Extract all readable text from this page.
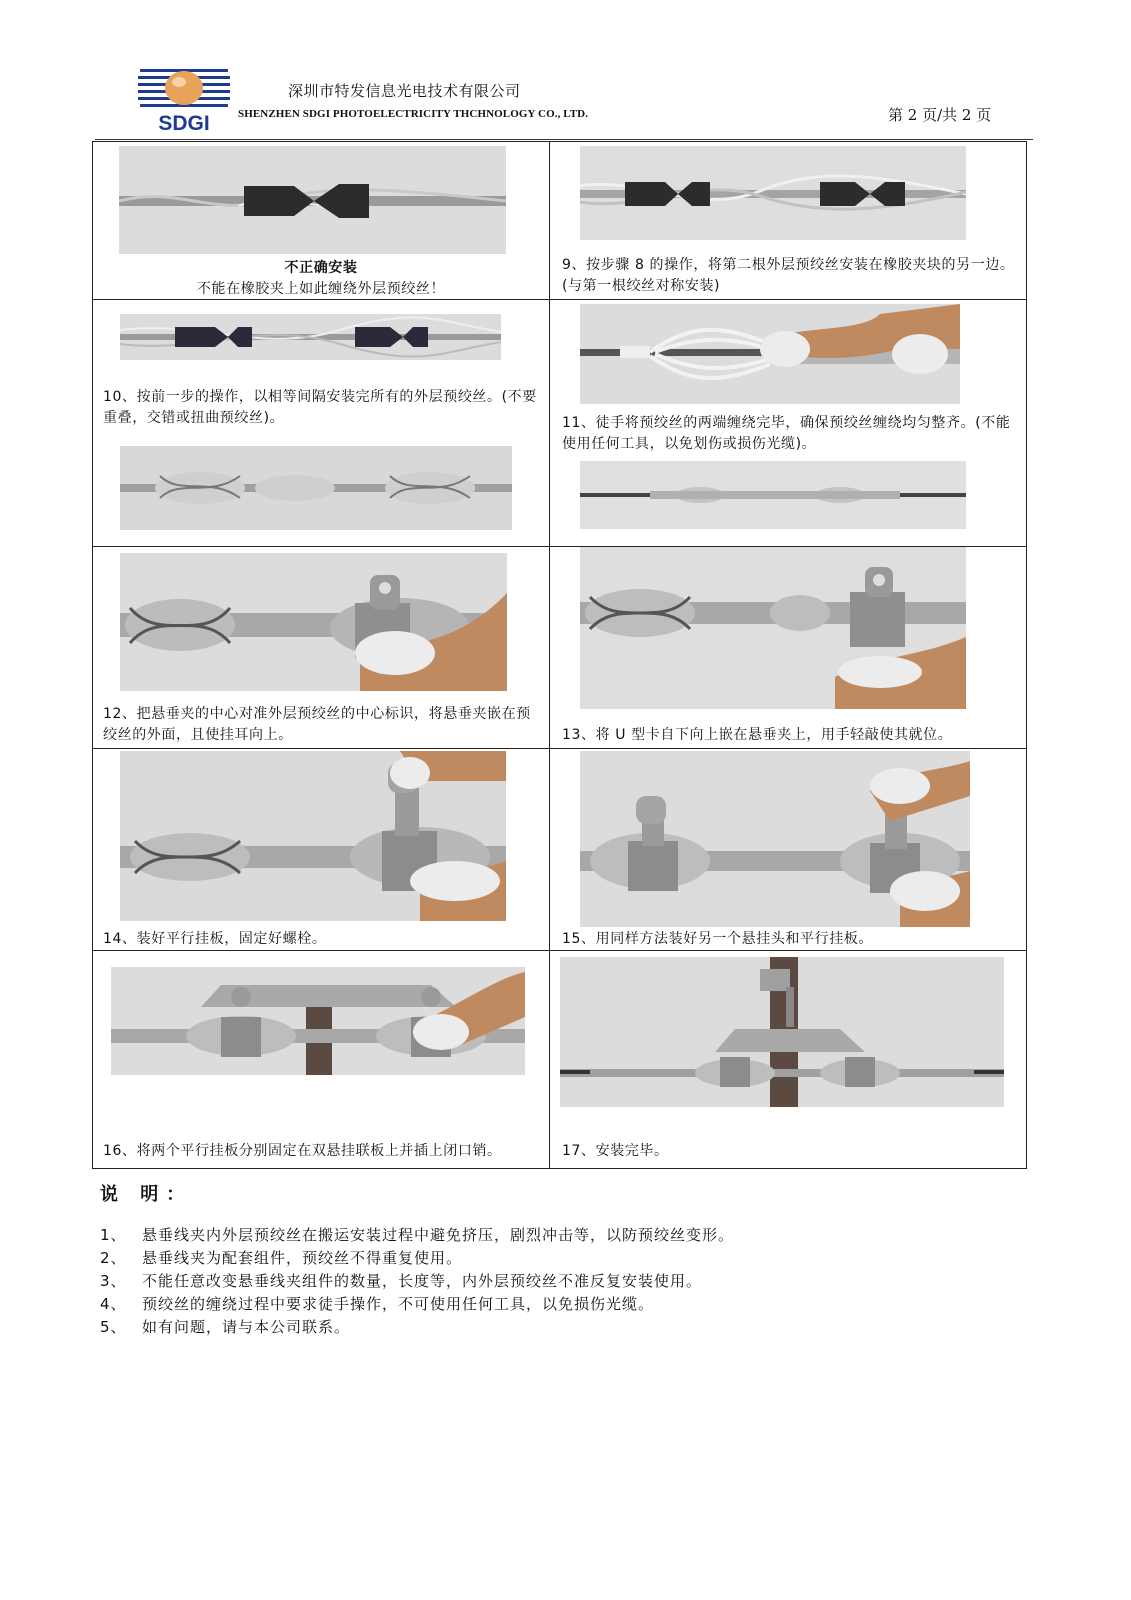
SDGI
深圳市特发信息光电技术有限公司
SHENZHEN SDGI PHOTOELECTRICITY THCHNOLOGY CO., LTD.	第 2 页/共 2 页
不正确安装
不能在橡胶夹上如此缠绕外层预绞丝！	9、按步骤 8 的操作，将第二根外层预绞丝安装在橡胶夹块的另一边。(与第一根绞丝对称安装)

10、按前一步的操作，以相等间隔安装完所有的外层预绞丝。(不要重叠，交错或扭曲预绞丝)。	11、徒手将预绞丝的两端缠绕完毕，确保预绞丝缠绕均匀整齐。(不能使用任何工具，以免划伤或损伤光缆)。

12、把悬垂夹的中心对准外层预绞丝的中心标识，将悬垂夹嵌在预绞丝的外面，且使挂耳向上。	13、将 U 型卡自下向上嵌在悬垂夹上，用手轻敲使其就位。

14、装好平行挂板，固定好螺栓。	15、用同样方法装好另一个悬挂头和平行挂板。

16、将两个平行挂板分别固定在双悬挂联板上并插上闭口销。	17、安装完毕。
说 明：
1、	悬垂线夹内外层预绞丝在搬运安装过程中避免挤压，剧烈冲击等，以防预绞丝变形。
2、	悬垂线夹为配套组件，预绞丝不得重复使用。
3、	不能任意改变悬垂线夹组件的数量，长度等，内外层预绞丝不准反复安装使用。
4、	预绞丝的缠绕过程中要求徒手操作，不可使用任何工具，以免损伤光缆。
5、	如有问题，请与本公司联系。
